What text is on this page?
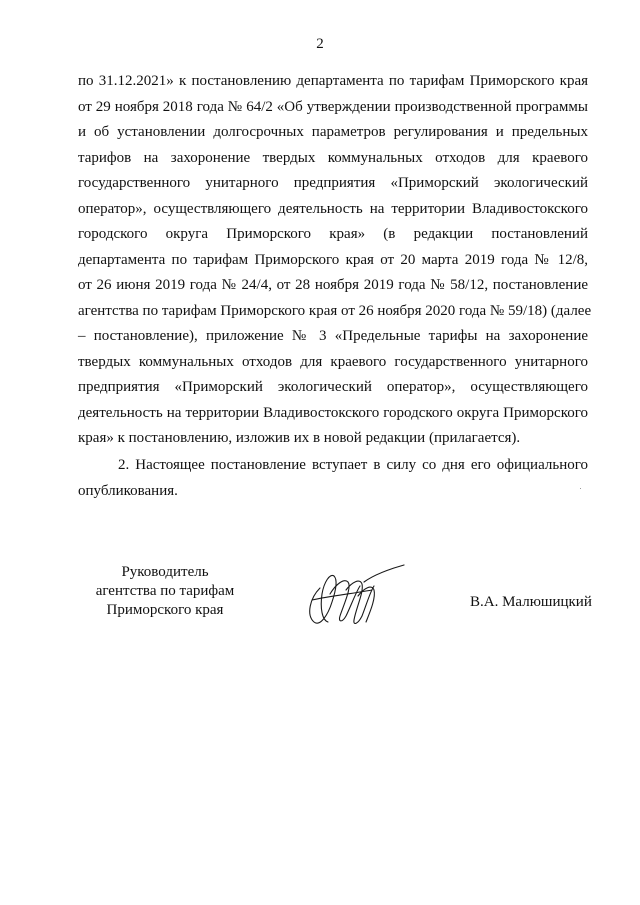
2
по 31.12.2021» к постановлению департамента по тарифам Приморского края
от 29 ноября 2018 года № 64/2 «Об утверждении производственной программы
и об установлении долгосрочных параметров регулирования и предельных
тарифов на захоронение твердых коммунальных отходов для краевого
государственного унитарного предприятия «Приморский экологический
оператор», осуществляющего деятельность на территории Владивостокского
городского округа Приморского края» (в редакции постановлений
департамента по тарифам Приморского края от 20 марта 2019 года № 12/8,
от 26 июня 2019 года № 24/4, от 28 ноября 2019 года № 58/12, постановление
агентства по тарифам Приморского края от 26 ноября 2020 года № 59/18) (далее
– постановление), приложение № 3 «Предельные тарифы на захоронение
твердых коммунальных отходов для краевого государственного унитарного
предприятия «Приморский экологический оператор», осуществляющего
деятельность на территории Владивостокского городского округа Приморского
края» к постановлению, изложив их в новой редакции (прилагается).
2. Настоящее постановление вступает в силу со дня его официального
опубликования.
Руководитель
агентства по тарифам
Приморского края	В.А. Малюшицкий
